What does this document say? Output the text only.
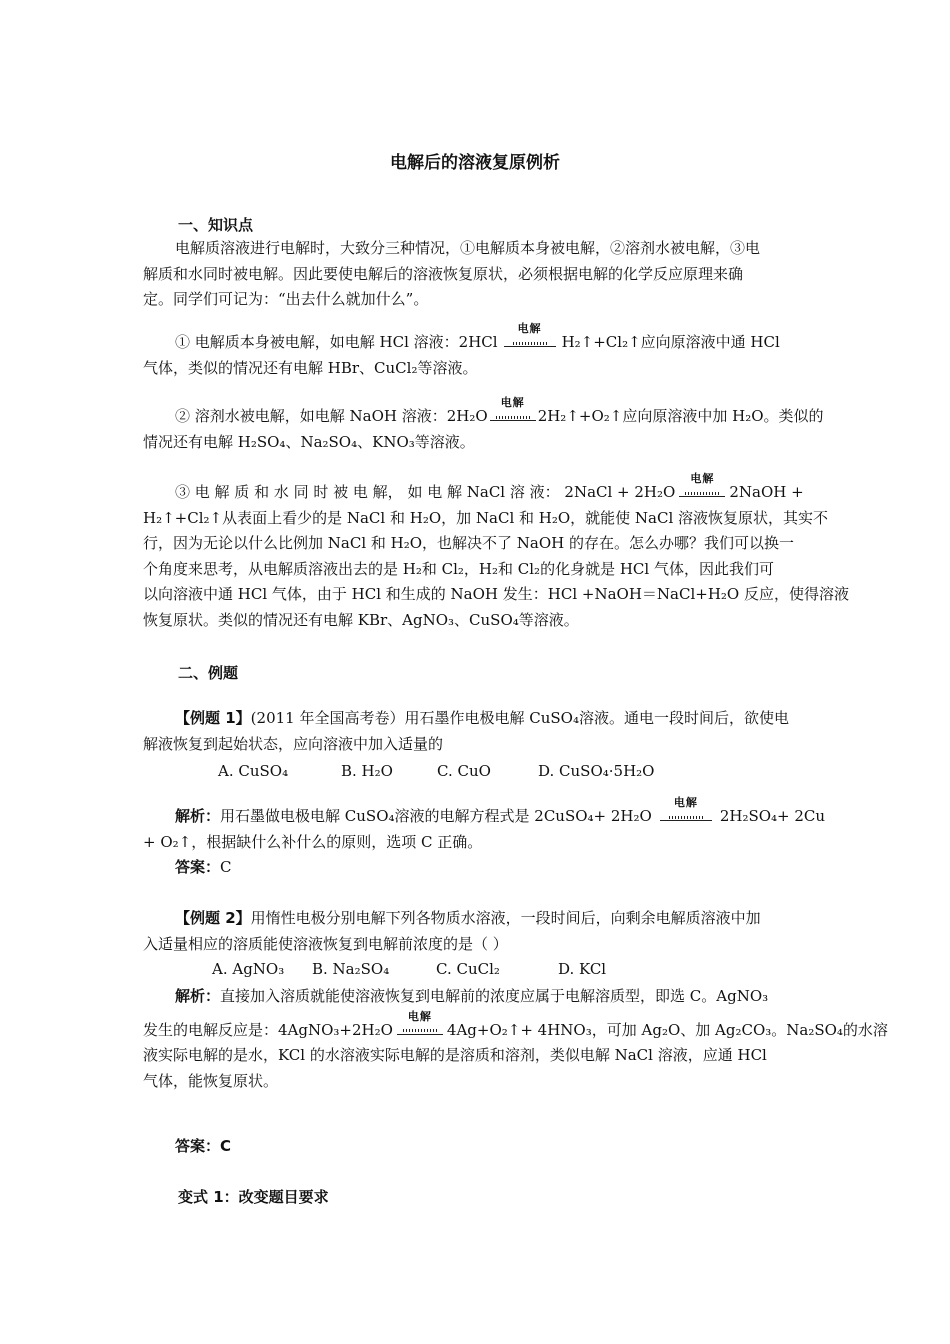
电解后的溶液复原例析
一、知识点
电解质溶液进行电解时，大致分三种情况，①电解质本身被电解，②溶剂水被电解，③电
解质和水同时被电解。因此要使电解后的溶液恢复原状，必须根据电解的化学反应原理来确
定。同学们可记为：“出去什么就加什么”。
① 电解质本身被电解，如电解 HCl 溶液：2HCl
电解
H₂↑+Cl₂↑应向原溶液中通 HCl
气体，类似的情况还有电解 HBr、CuCl₂等溶液。
② 溶剂水被电解，如电解 NaOH 溶液：2H₂O
电解
2H₂↑+O₂↑应向原溶液中加 H₂O。类似的
情况还有电解 H₂SO₄、Na₂SO₄、KNO₃等溶液。
③ 电 解 质 和 水 同 时 被 电 解， 如 电 解 NaCl 溶 液： 2NaCl + 2H₂O
电解
2NaOH +
H₂↑+Cl₂↑从表面上看少的是 NaCl 和 H₂O，加 NaCl 和 H₂O，就能使 NaCl 溶液恢复原状，其实不
行，因为无论以什么比例加 NaCl 和 H₂O，也解决不了 NaOH 的存在。怎么办哪？我们可以换一
个角度来思考，从电解质溶液出去的是 H₂和 Cl₂，H₂和 Cl₂的化身就是 HCl 气体，因此我们可
以向溶液中通 HCl 气体，由于 HCl 和生成的 NaOH 发生：HCl +NaOH＝NaCl+H₂O 反应，使得溶液
恢复原状。类似的情况还有电解 KBr、AgNO₃、CuSO₄等溶液。
二、例题
【例题 1】(2011 年全国高考卷）用石墨作电极电解 CuSO₄溶液。通电一段时间后，欲使电
解液恢复到起始状态，应向溶液中加入适量的
A. CuSO₄	B. H₂O	C. CuO	D. CuSO₄·5H₂O
解析：用石墨做电极电解 CuSO₄溶液的电解方程式是 2CuSO₄+ 2H₂O
电解
2H₂SO₄+ 2Cu
+ O₂↑，根据缺什么补什么的原则，选项 C 正确。
答案：C
【例题 2】用惰性电极分别电解下列各物质水溶液，一段时间后，向剩余电解质溶液中加
入适量相应的溶质能使溶液恢复到电解前浓度的是（ ）
A. AgNO₃ B. Na₂SO₄	C. CuCl₂	D. KCl
解析：直接加入溶质就能使溶液恢复到电解前的浓度应属于电解溶质型，即选 C。AgNO₃
发生的电解反应是：4AgNO₃+2H₂O
电解
4Ag+O₂↑+ 4HNO₃，可加 Ag₂O、加 Ag₂CO₃。Na₂SO₄的水溶
液实际电解的是水，KCl 的水溶液实际电解的是溶质和溶剂，类似电解 NaCl 溶液，应通 HCl
气体，能恢复原状。
答案：C
变式 1：改变题目要求
